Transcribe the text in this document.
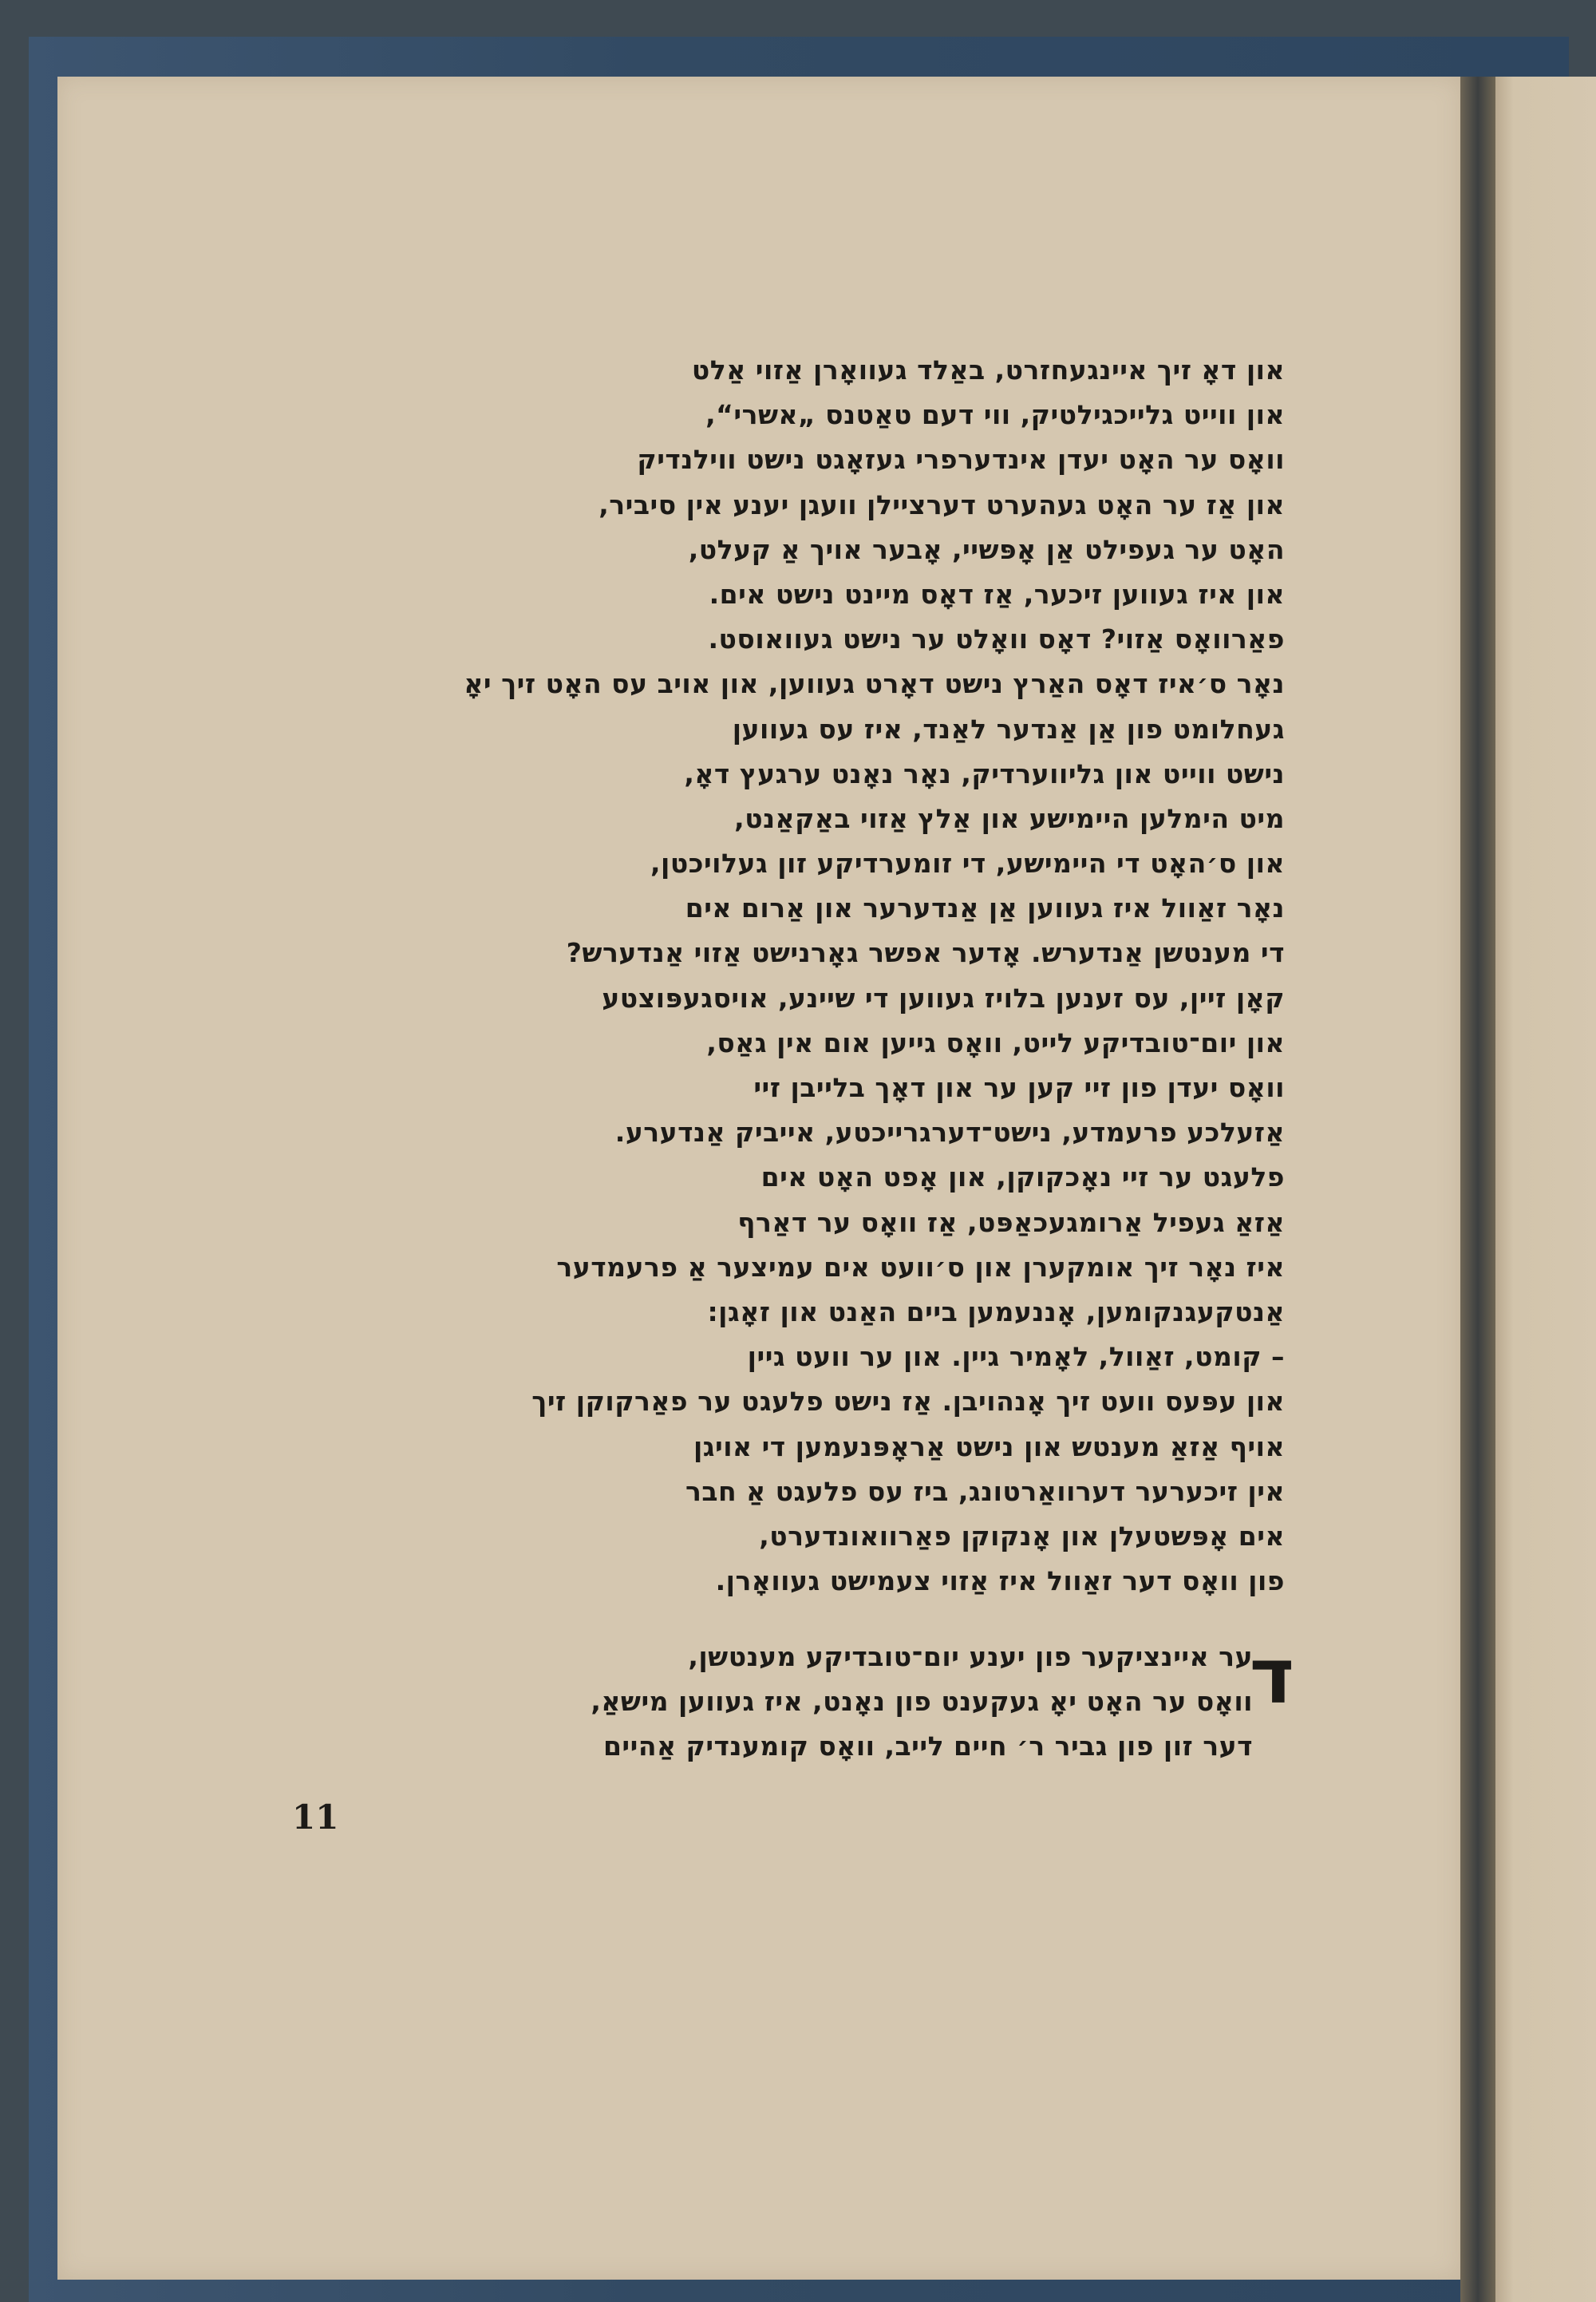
און דאָ זיך איינגעחזרט, באַלד געוואָרן אַזוי אַלט
און ווייט גלייכגילטיק, ווי דעם טאַטנס „אשרי“,
וואָס ער האָט יעדן אינדערפרי געזאָגט נישט ווילנדיק
און אַז ער האָט געהערט דערציילן וועגן יענע אין סיביר,
האָט ער געפילט אַן אָפּשיי, אָבער אויך אַ קעלט,
און איז געווען זיכער, אַז דאָס מיינט נישט אים.
פאַרוואָס אַזוי? דאָס וואָלט ער נישט געוואוסט.
נאָר ס׳איז דאָס האַרץ נישט דאָרט געווען, און אויב עס האָט זיך יאָ
געחלומט פון אַן אַנדער לאַנד, איז עס געווען
נישט ווייט און גליווערדיק, נאָר נאָנט ערגעץ דאָ,
מיט הימלען היימישע און אַלץ אַזוי באַקאַנט,
און ס׳האָט די היימישע, די זומערדיקע זון געלויכטן,
נאָר זאַוול איז געווען אַן אַנדערער און אַרום אים
די מענטשן אַנדערש. אָדער אפשר גאָרנישט אַזוי אַנדערש?
קאָן זיין, עס זענען בלויז געווען די שיינע, אויסגעפּוצטע
און יום־טובדיקע לייט, וואָס גייען אום אין גאַס,
וואָס יעדן פון זיי קען ער און דאָך בלייבן זיי
אַזעלכע פרעמדע, נישט־דערגרייכטע, אייביק אַנדערע.
פלעגט ער זיי נאָכקוקן, און אָפט האָט אים
אַזאַ געפיל אַרומגעכאַפּט, אַז וואָס ער דאַרף
איז נאָר זיך אומקערן און ס׳וועט אים עמיצער אַ פרעמדער
אַנטקעגנקומען, אָננעמען ביים האַנט און זאָגן:
– קומט, זאַוול, לאָמיר גיין. און ער וועט גיין
און עפּעס וועט זיך אָנהויבן. אַז נישט פלעגט ער פאַרקוקן זיך
אויף אַזאַ מענטש און נישט אַראָפּנעמען די אויגן
אין זיכערער דערוואַרטונג, ביז עס פלעגט אַ חבר
אים אָפּשטעלן און אָנקוקן פאַרוואונדערט,
פון וואָס דער זאַוול איז אַזוי צעמישט געוואָרן.
ד
ער איינציקער פון יענע יום־טובדיקע מענטשן,
וואָס ער האָט יאָ געקענט פון נאָנט, איז געווען מישאַ,
דער זון פון גביר ר׳ חיים לייב, וואָס קומענדיק אַהיים
11
